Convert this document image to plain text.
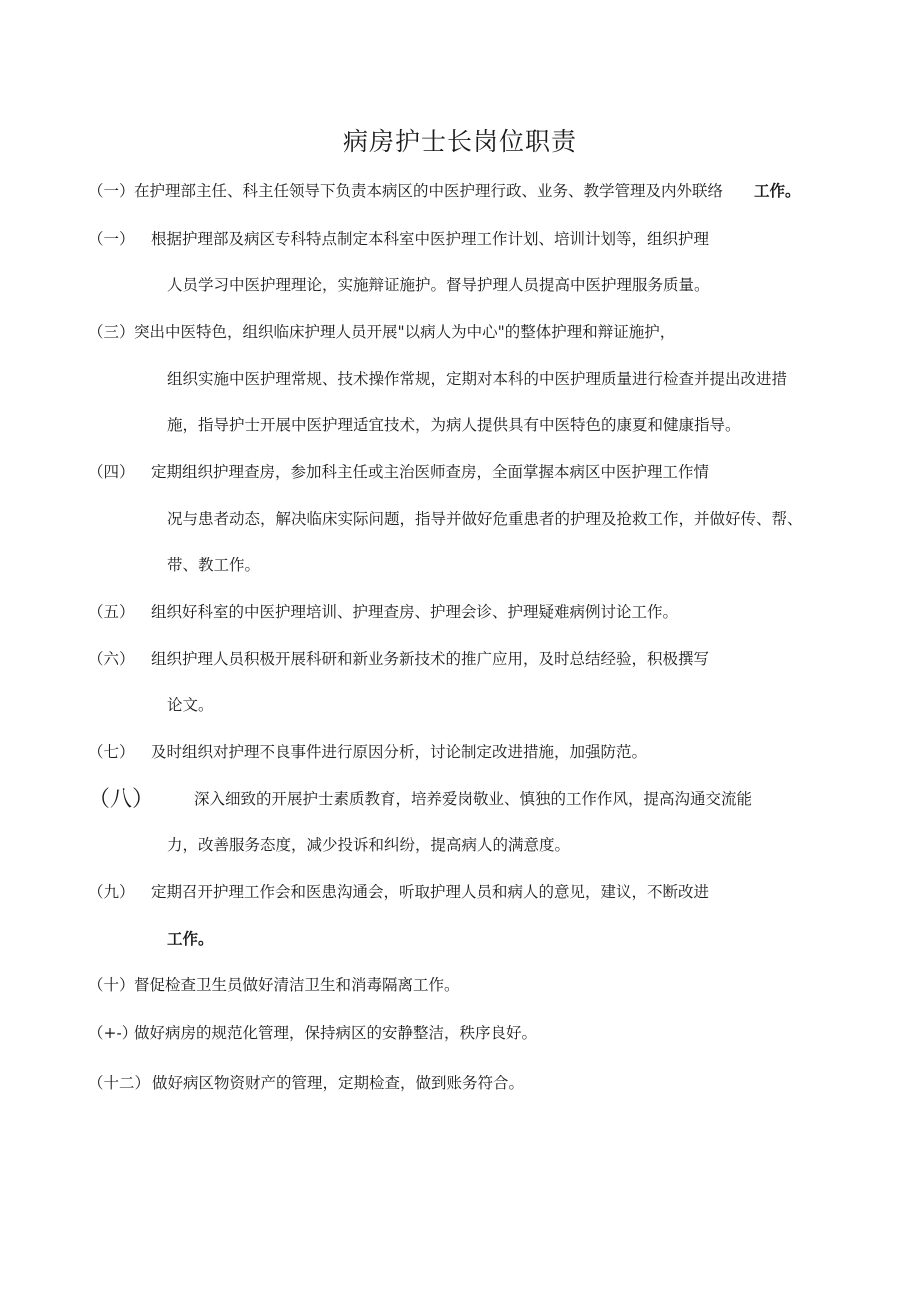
病房护士长岗位职责
（一） 在护理部主任、科主任领导下负责本病区的中医护理行政、业务、教学管理及内外联络 工作。
（一） 根据护理部及病区专科特点制定本科室中医护理工作计划、培训计划等，组织护理
人员学习中医护理理论，实施辩证施护。督导护理人员提高中医护理服务质量。
（三） 突出中医特色，组织临床护理人员开展"以病人为中心"的整体护理和辩证施护，
组织实施中医护理常规、技术操作常规，定期对本科的中医护理质量进行检查并提出改进措
施，指导护士开展中医护理适宜技术，为病人提供具有中医特色的康夏和健康指导。
（四） 定期组织护理查房，参加科主任或主治医师查房，全面掌握本病区中医护理工作情
况与患者动态，解决临床实际问题，指导并做好危重患者的护理及抢救工作，并做好传、帮、
带、教工作。
（五） 组织好科室的中医护理培训、护理查房、护理会诊、护理疑难病例讨论工作。
（六） 组织护理人员积极开展科研和新业务新技术的推广应用，及时总结经验，积极撰写
论文。
（七） 及时组织对护理不良事件进行原因分析，讨论制定改进措施，加强防范。
（八）	深入细致的开展护士素质教育，培养爱岗敬业、慎独的工作作风，提高沟通交流能
力，改善服务态度，减少投诉和纠纷，提高病人的满意度。
（九） 定期召开护理工作会和医患沟通会，听取护理人员和病人的意见，建议，不断改进
工作。
（十） 督促检查卫生员做好清洁卫生和消毒隔离工作。
（+-）
做好病房的规范化管理，保持病区的安静整洁，秩序良好。
（十二） 做好病区物资财产的管理，定期检查，做到账务符合。
